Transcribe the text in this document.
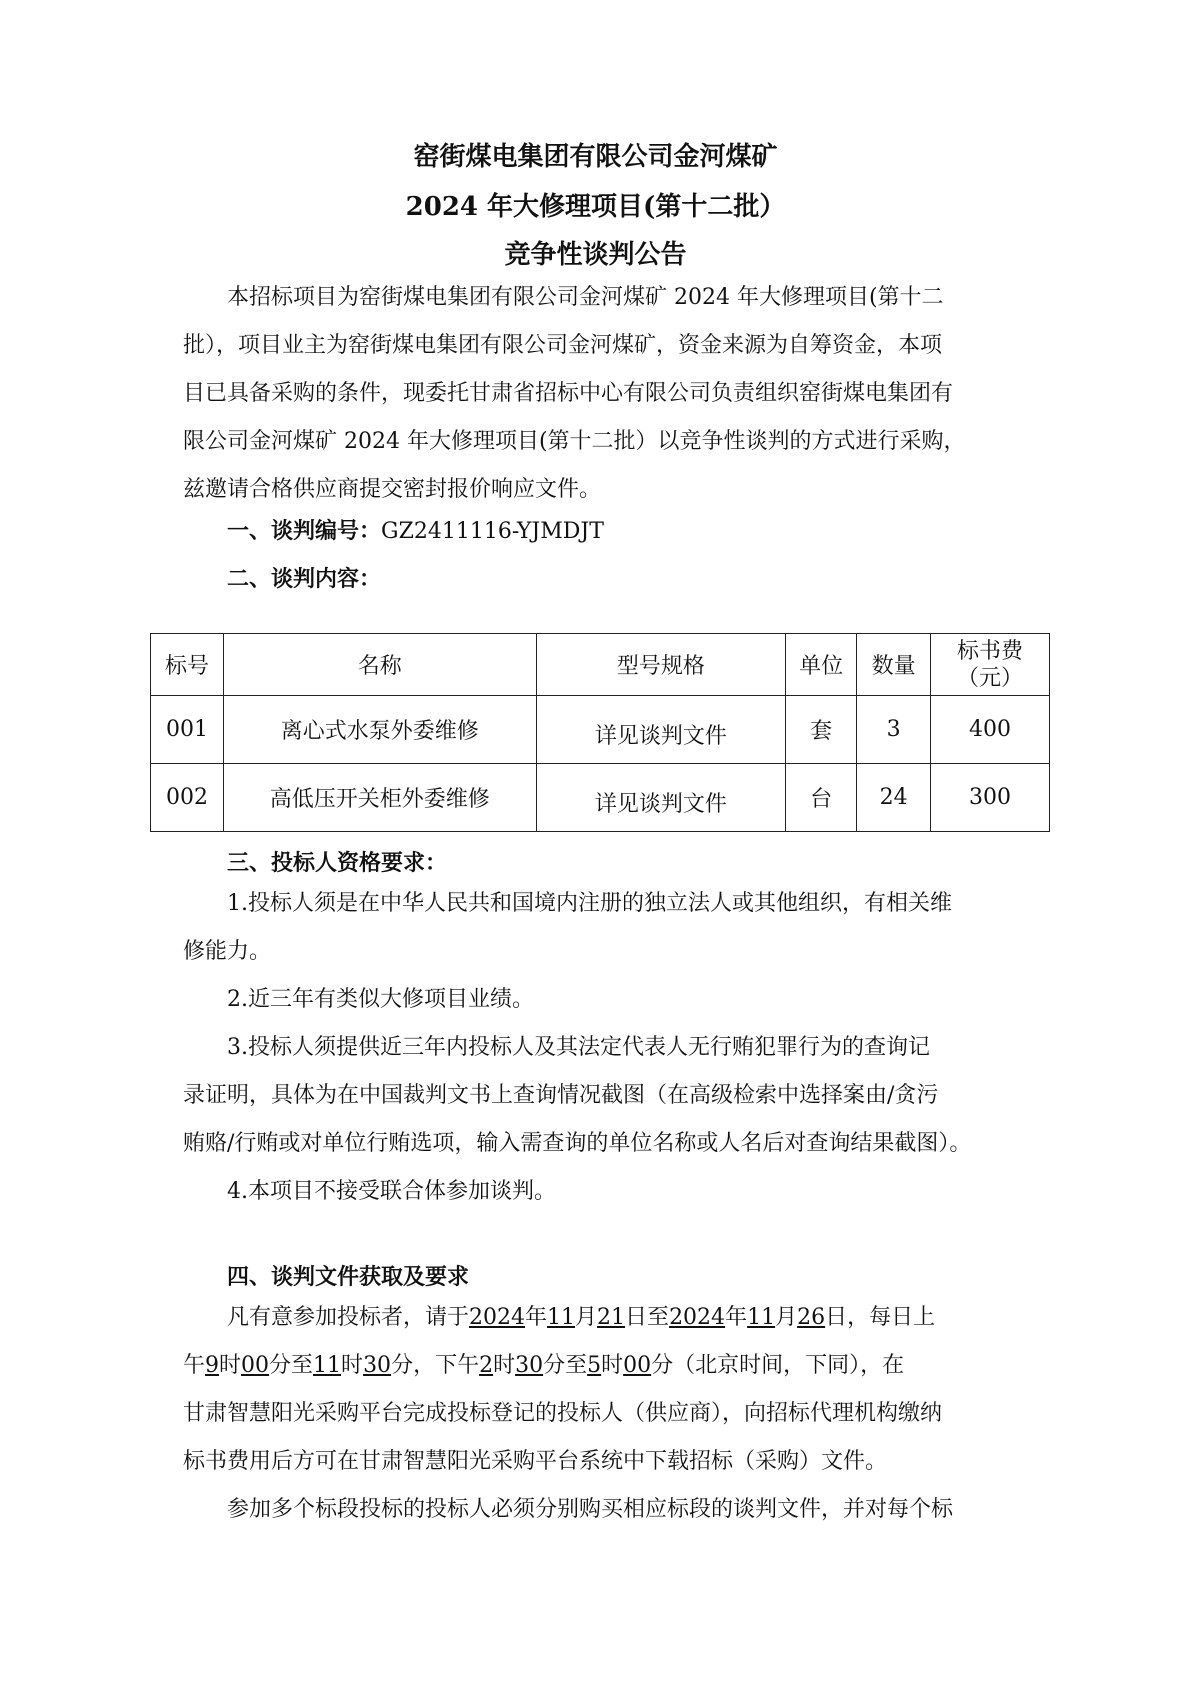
窑街煤电集团有限公司金河煤矿
2024 年大修理项目(第十二批）
竞争性谈判公告
本招标项目为窑街煤电集团有限公司金河煤矿 2024 年大修理项目(第十二
批），项目业主为窑街煤电集团有限公司金河煤矿，资金来源为自筹资金，本项
目已具备采购的条件，现委托甘肃省招标中心有限公司负责组织窑街煤电集团有
限公司金河煤矿 2024 年大修理项目(第十二批）以竞争性谈判的方式进行采购，
兹邀请合格供应商提交密封报价响应文件。
一、谈判编号：GZ2411116-YJMDJT
二、谈判内容：
标号	名称	型号规格	单位	数量	标书费
（元）

001	离心式水泵外委维修	详见谈判文件	套	3	400
002	高低压开关柜外委维修	详见谈判文件	台	24	300
三、投标人资格要求：
1.投标人须是在中华人民共和国境内注册的独立法人或其他组织，有相关维
修能力。
2.近三年有类似大修项目业绩。
3.投标人须提供近三年内投标人及其法定代表人无行贿犯罪行为的查询记
录证明，具体为在中国裁判文书上查询情况截图（在高级检索中选择案由/贪污
贿赂/行贿或对单位行贿选项，输入需查询的单位名称或人名后对查询结果截图）。
4.本项目不接受联合体参加谈判。
四、谈判文件获取及要求
凡有意参加投标者，请于2024年11月21日至2024年11月26日，每日上
午9时00分至11时30分，下午2时30分至5时00分（北京时间，下同），在
甘肃智慧阳光采购平台完成投标登记的投标人（供应商），向招标代理机构缴纳
标书费用后方可在甘肃智慧阳光采购平台系统中下载招标（采购）文件。
参加多个标段投标的投标人必须分别购买相应标段的谈判文件，并对每个标
